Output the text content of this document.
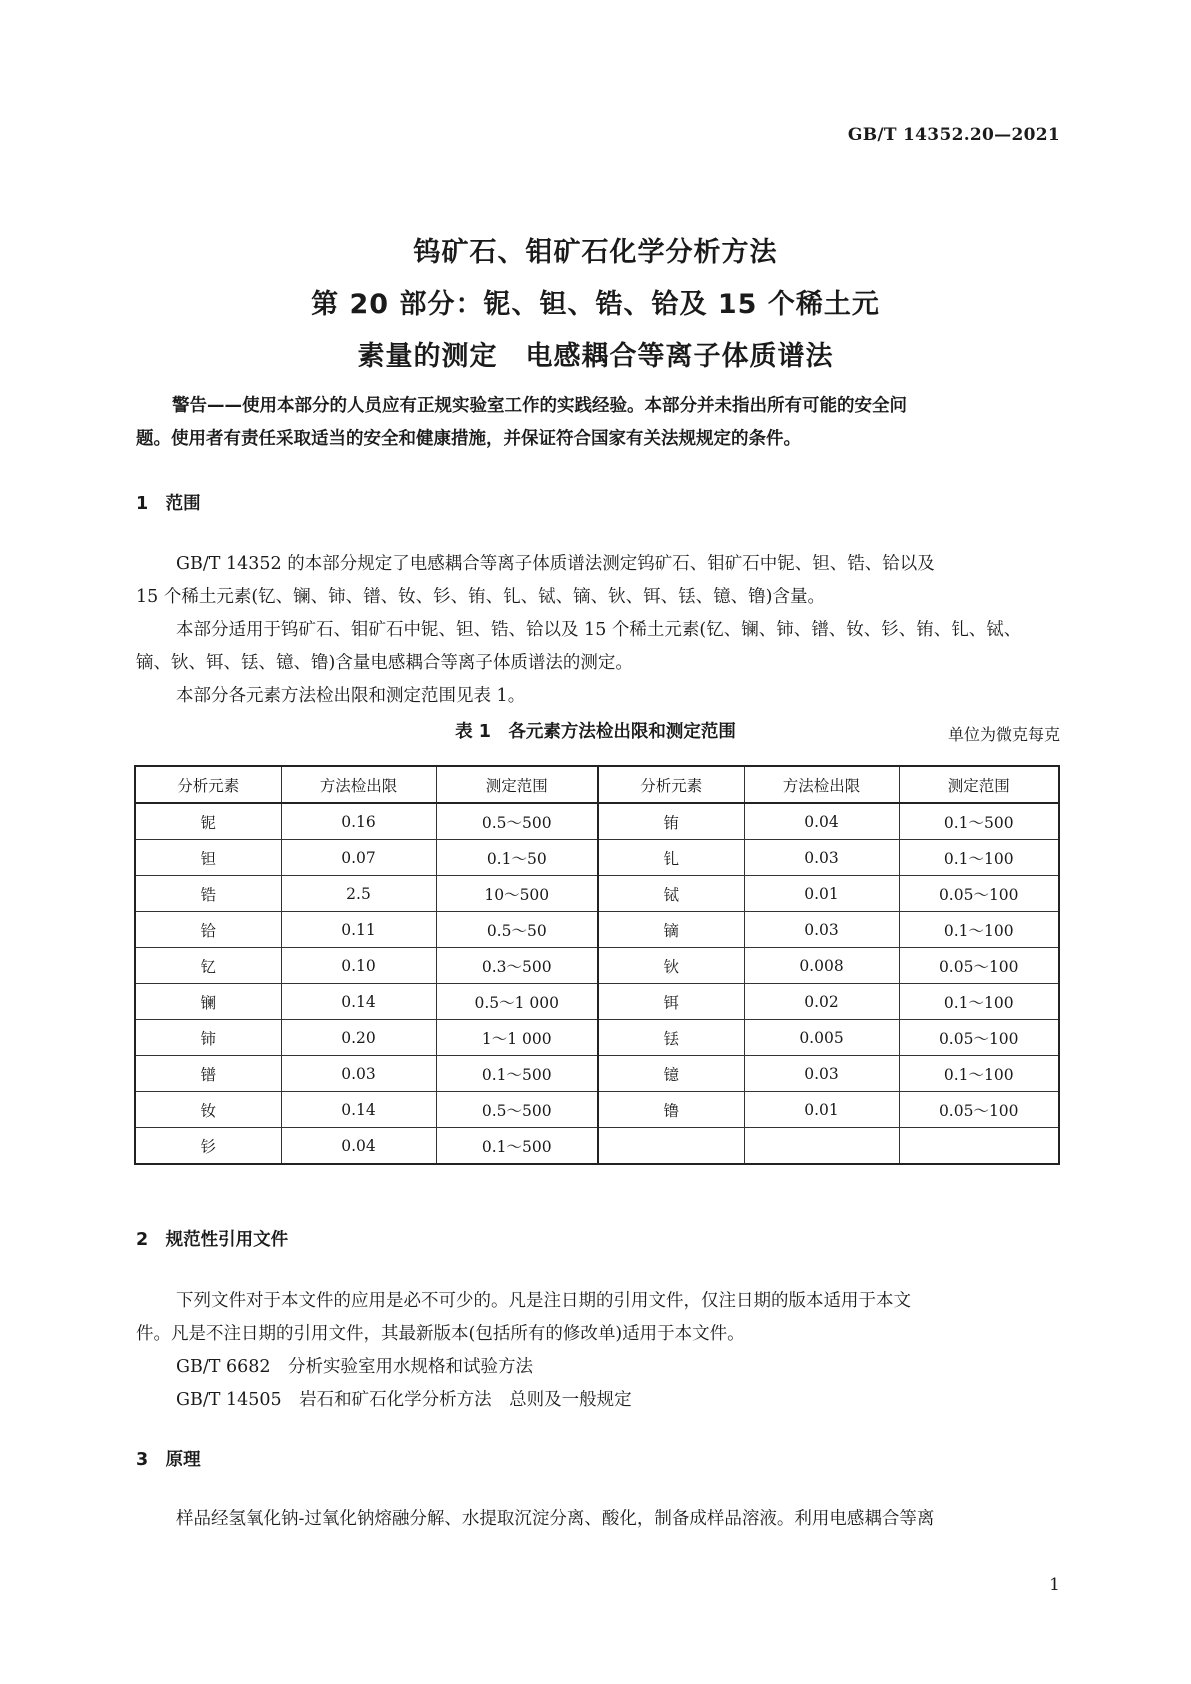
GB/T 14352.20—2021
钨矿石、钼矿石化学分析方法
第 20 部分：铌、钽、锆、铪及 15 个稀土元
素量的测定　电感耦合等离子体质谱法
警告——使用本部分的人员应有正规实验室工作的实践经验。本部分并未指出所有可能的安全问
题。使用者有责任采取适当的安全和健康措施，并保证符合国家有关法规规定的条件。
1　范围
GB/T 14352 的本部分规定了电感耦合等离子体质谱法测定钨矿石、钼矿石中铌、钽、锆、铪以及
15 个稀土元素(钇、镧、铈、镨、钕、钐、铕、钆、铽、镝、钬、铒、铥、镱、镥)含量。
本部分适用于钨矿石、钼矿石中铌、钽、锆、铪以及 15 个稀土元素(钇、镧、铈、镨、钕、钐、铕、钆、铽、
镝、钬、铒、铥、镱、镥)含量电感耦合等离子体质谱法的测定。
本部分各元素方法检出限和测定范围见表 1。
表 1　各元素方法检出限和测定范围	单位为微克每克
分析元素	方法检出限	测定范围	分析元素	方法检出限	测定范围
铌	0.16	0.5～500	铕	0.04	0.1～500
钽	0.07	0.1～50	钆	0.03	0.1～100
锆	2.5	10～500	铽	0.01	0.05～100
铪	0.11	0.5～50	镝	0.03	0.1～100
钇	0.10	0.3～500	钬	0.008	0.05～100
镧	0.14	0.5～1 000	铒	0.02	0.1～100
铈	0.20	1～1 000	铥	0.005	0.05～100
镨	0.03	0.1～500	镱	0.03	0.1～100
钕	0.14	0.5～500	镥	0.01	0.05～100
钐	0.04	0.1～500			
2　规范性引用文件
下列文件对于本文件的应用是必不可少的。凡是注日期的引用文件，仅注日期的版本适用于本文
件。凡是不注日期的引用文件，其最新版本(包括所有的修改单)适用于本文件。
GB/T 6682　分析实验室用水规格和试验方法
GB/T 14505　岩石和矿石化学分析方法　总则及一般规定
3　原理
样品经氢氧化钠-过氧化钠熔融分解、水提取沉淀分离、酸化，制备成样品溶液。利用电感耦合等离
1
